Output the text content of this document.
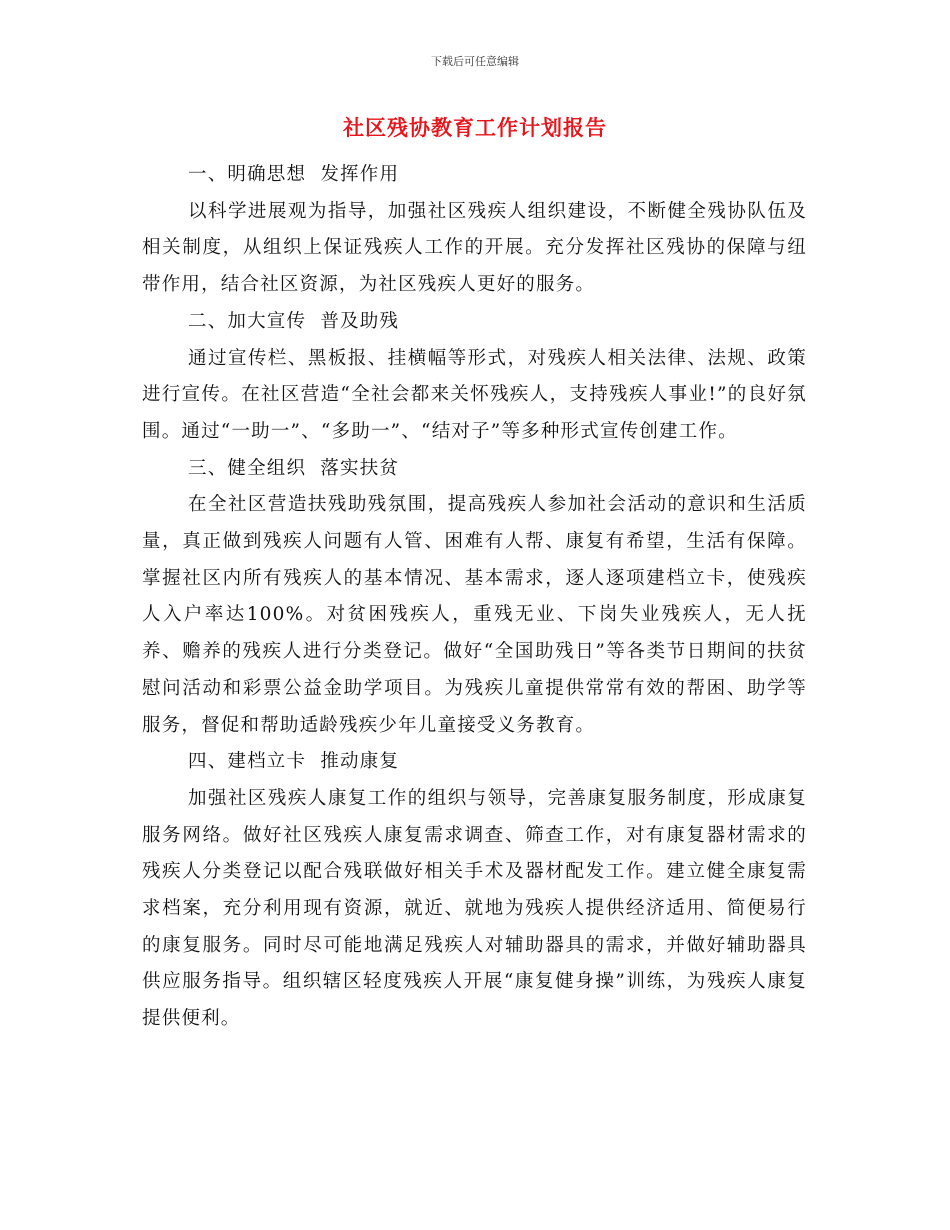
下载后可任意编辑
社区残协教育工作计划报告

一、明确思想  发挥作用

以科学进展观为指导，加强社区残疾人组织建设，不断健全残协队伍及相关制度，从组织上保证残疾人工作的开展。充分发挥社区残协的保障与纽带作用，结合社区资源，为社区残疾人更好的服务。

二、加大宣传  普及助残

通过宣传栏、黑板报、挂横幅等形式，对残疾人相关法律、法规、政策进行宣传。在社区营造“全社会都来关怀残疾人，支持残疾人事业!”的良好氛围。通过“一助一”、“多助一”、“结对子”等多种形式宣传创建工作。

三、健全组织  落实扶贫

在全社区营造扶残助残氛围，提高残疾人参加社会活动的意识和生活质量，真正做到残疾人问题有人管、困难有人帮、康复有希望，生活有保障。掌握社区内所有残疾人的基本情况、基本需求，逐人逐项建档立卡，使残疾人入户率达100%。对贫困残疾人，重残无业、下岗失业残疾人，无人抚养、赡养的残疾人进行分类登记。做好“全国助残日”等各类节日期间的扶贫慰问活动和彩票公益金助学项目。为残疾儿童提供常常有效的帮困、助学等服务，督促和帮助适龄残疾少年儿童接受义务教育。

四、建档立卡  推动康复

加强社区残疾人康复工作的组织与领导，完善康复服务制度，形成康复服务网络。做好社区残疾人康复需求调查、筛查工作，对有康复器材需求的残疾人分类登记以配合残联做好相关手术及器材配发工作。建立健全康复需求档案，充分利用现有资源，就近、就地为残疾人提供经济适用、简便易行的康复服务。同时尽可能地满足残疾人对辅助器具的需求，并做好辅助器具供应服务指导。组织辖区轻度残疾人开展“康复健身操”训练，为残疾人康复提供便利。
